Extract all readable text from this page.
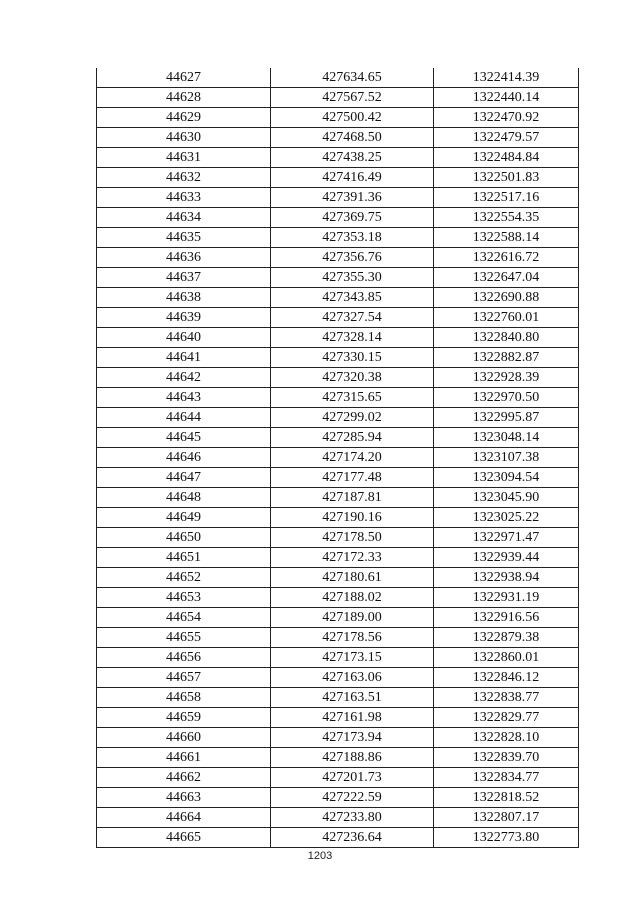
44627	427634.65	1322414.39
44628	427567.52	1322440.14
44629	427500.42	1322470.92
44630	427468.50	1322479.57
44631	427438.25	1322484.84
44632	427416.49	1322501.83
44633	427391.36	1322517.16
44634	427369.75	1322554.35
44635	427353.18	1322588.14
44636	427356.76	1322616.72
44637	427355.30	1322647.04
44638	427343.85	1322690.88
44639	427327.54	1322760.01
44640	427328.14	1322840.80
44641	427330.15	1322882.87
44642	427320.38	1322928.39
44643	427315.65	1322970.50
44644	427299.02	1322995.87
44645	427285.94	1323048.14
44646	427174.20	1323107.38
44647	427177.48	1323094.54
44648	427187.81	1323045.90
44649	427190.16	1323025.22
44650	427178.50	1322971.47
44651	427172.33	1322939.44
44652	427180.61	1322938.94
44653	427188.02	1322931.19
44654	427189.00	1322916.56
44655	427178.56	1322879.38
44656	427173.15	1322860.01
44657	427163.06	1322846.12
44658	427163.51	1322838.77
44659	427161.98	1322829.77
44660	427173.94	1322828.10
44661	427188.86	1322839.70
44662	427201.73	1322834.77
44663	427222.59	1322818.52
44664	427233.80	1322807.17
44665	427236.64	1322773.80
1203
